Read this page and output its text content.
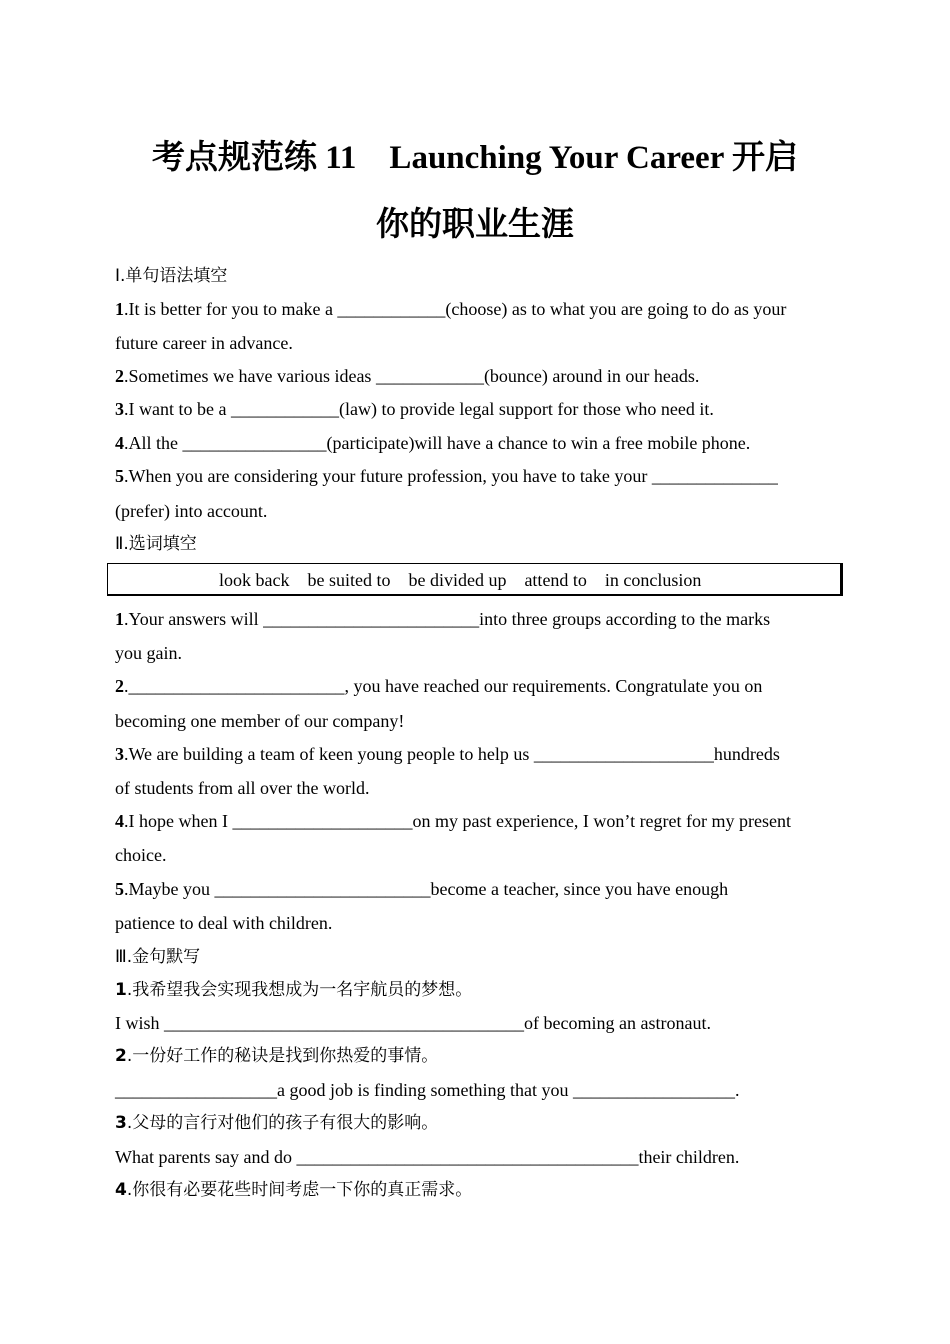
考点规范练 11　Launching Your Career 开启
你的职业生涯
Ⅰ.单句语法填空
1.It is better for you to make a ____________(choose) as to what you are going to do as your
future career in advance.
2.Sometimes we have various ideas ____________(bounce) around in our heads.
3.I want to be a ____________(law) to provide legal support for those who need it.
4.All the ________________(participate)will have a chance to win a free mobile phone.
5.When you are considering your future profession, you have to take your ______________
(prefer) into account.
Ⅱ.选词填空
look back    be suited to    be divided up    attend to    in conclusion
1.Your answers will ________________________into three groups according to the marks
you gain.
2.________________________, you have reached our requirements. Congratulate you on
becoming one member of our company!
3.We are building a team of keen young people to help us ____________________hundreds
of students from all over the world.
4.I hope when I ____________________on my past experience, I won’t regret for my present
choice.
5.Maybe you ________________________become a teacher, since you have enough
patience to deal with children.
Ⅲ.金句默写
1.我希望我会实现我想成为一名宇航员的梦想。
I wish ________________________________________of becoming an astronaut.
2.一份好工作的秘诀是找到你热爱的事情。
__________________a good job is finding something that you __________________.
3.父母的言行对他们的孩子有很大的影响。
What parents say and do ______________________________________their children.
4.你很有必要花些时间考虑一下你的真正需求。
